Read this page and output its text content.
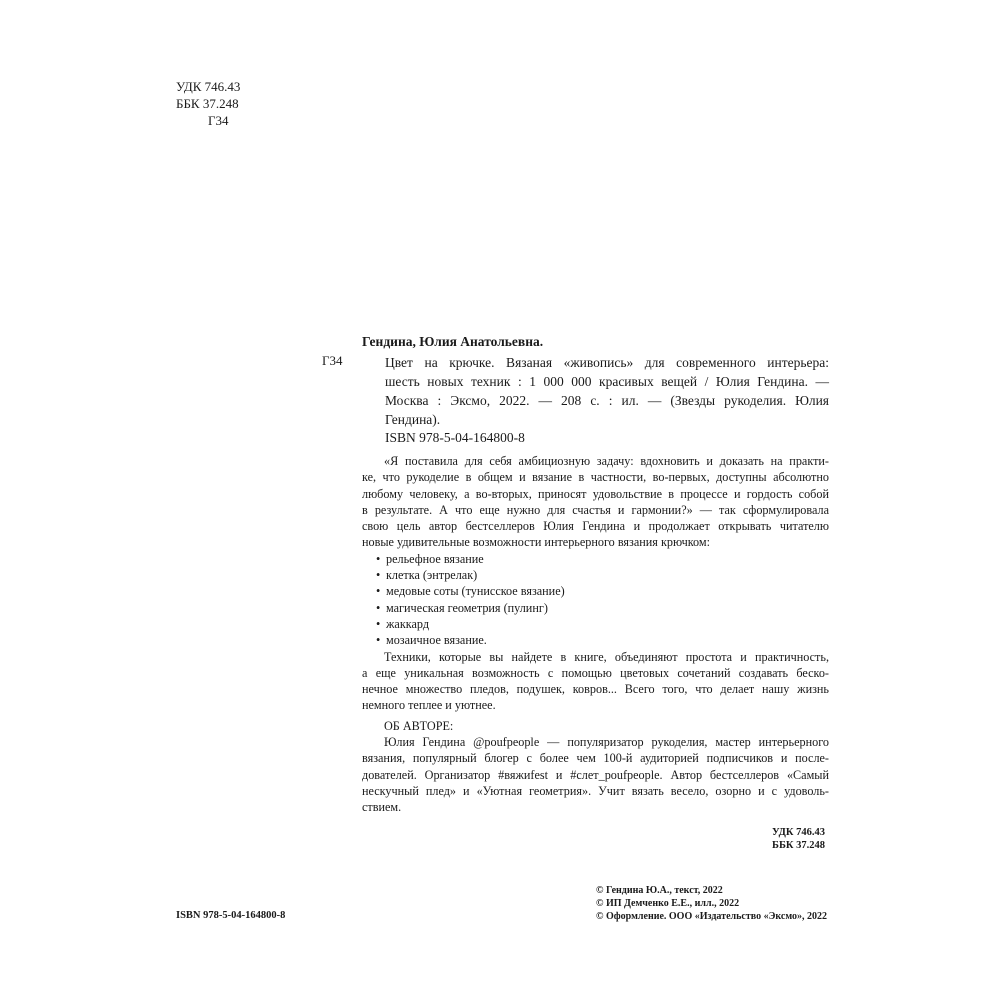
УДК 746.43
ББК 37.248
Г34
Гендина, Юлия Анатольевна.
Г34	Цвет на крючке. Вязаная «живопись» для современного интерьера:
шесть новых техник : 1 000 000 красивых вещей / Юлия Гендина. —
Москва : Эксмо, 2022. — 208 с. : ил. — (Звезды рукоделия. Юлия
Гендина).
ISBN 978-5-04-164800-8
«Я поставила для себя амбициозную задачу: вдохновить и доказать на практи-
ке, что рукоделие в общем и вязание в частности, во-первых, доступны абсолютно
любому человеку, а во-вторых, приносят удовольствие в процессе и гордость собой
в результате. А что еще нужно для счастья и гармонии?» — так сформулировала
свою цель автор бестселлеров Юлия Гендина и продолжает открывать читателю
новые удивительные возможности интерьерного вязания крючком:
• рельефное вязание
• клетка (энтрелак)
• медовые соты (тунисское вязание)
• магическая геометрия (пулинг)
• жаккард
• мозаичное вязание.
Техники, которые вы найдете в книге, объединяют простота и практичность,
а еще уникальная возможность с помощью цветовых сочетаний создавать беско-
нечное множество пледов, подушек, ковров... Всего того, что делает нашу жизнь
немного теплее и уютнее.
ОБ АВТОРЕ:
Юлия Гендина @poufpeople — популяризатор рукоделия, мастер интерьерного
вязания, популярный блогер с более чем 100-й аудиторией подписчиков и после-
дователей. Организатор #вяжиfest и #слет_poufpeople. Автор бестселлеров «Самый
нескучный плед» и «Уютная геометрия». Учит вязать весело, озорно и с удоволь-
ствием.
УДК 746.43
ББК 37.248
© Гендина Ю.А., текст, 2022
© ИП Демченко Е.Е., илл., 2022
© Оформление. ООО «Издательство «Эксмо», 2022
ISBN 978-5-04-164800-8
